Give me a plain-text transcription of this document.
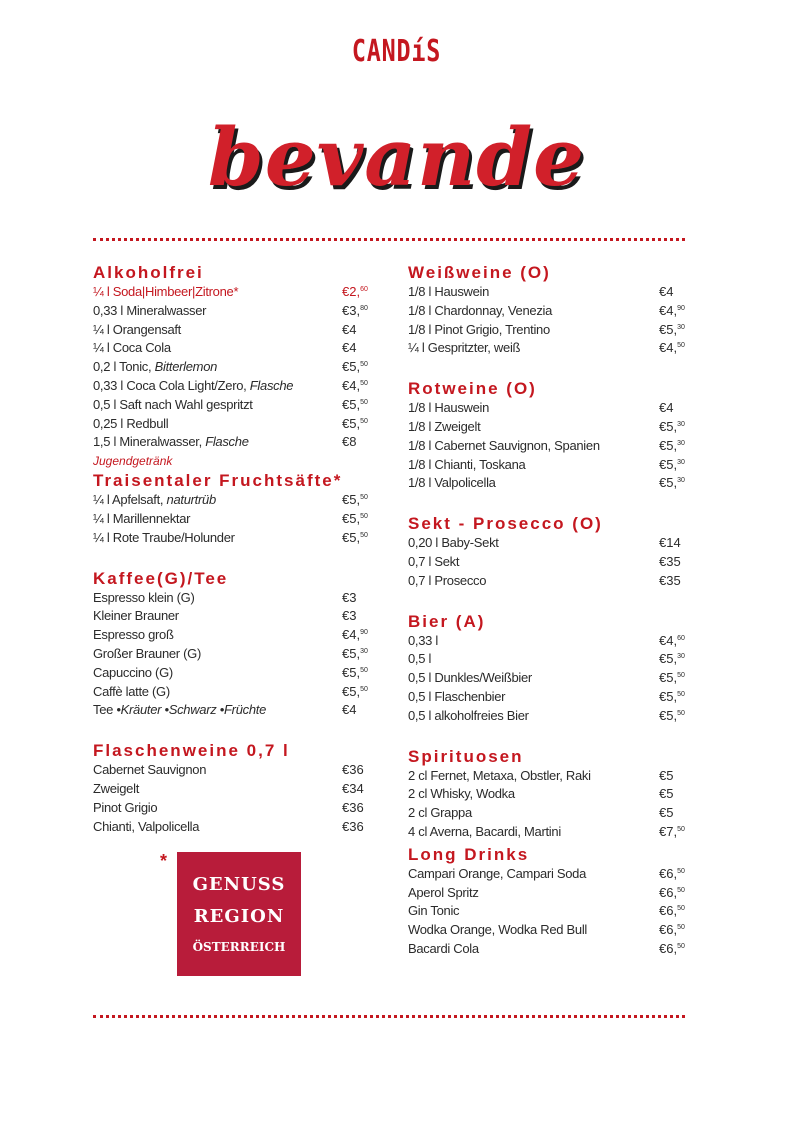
CANDíS
bevande
Alkoholfrei
¼ l Soda|Himbeer|Zitrone*	€2,60
0,33 l Mineralwasser	€3,80
¼ l Orangensaft	€4
¼ l Coca Cola	€4
0,2 l Tonic, Bitterlemon	€5,50
0,33 l Coca Cola Light/Zero, Flasche	€4,50
0,5 l Saft nach Wahl gespritzt	€5,50
0,25 l Redbull	€5,50
1,5 l Mineralwasser, Flasche	€8
Jugendgetränk
Traisentaler Fruchtsäfte*
¼ l Apfelsaft, naturtrüb	€5,50
¼ l Marillennektar	€5,50
¼ l Rote Traube/Holunder	€5,50
Kaffee(G)/Tee
Espresso klein (G)	€3
Kleiner Brauner	€3
Espresso groß	€4,90
Großer Brauner (G)	€5,30
Capuccino (G)	€5,50
Caffè latte (G)	€5,50
Tee •Kräuter •Schwarz •Früchte	€4
Flaschenweine 0,7 l
Cabernet Sauvignon	€36
Zweigelt	€34
Pinot Grigio	€36
Chianti, Valpolicella	€36
*
GENUSS
REGION
ÖSTERREICH
Weißweine (O)
1/8 l Hauswein	€4
1/8 l Chardonnay, Venezia	€4,90
1/8 l Pinot Grigio, Trentino	€5,30
¼ l Gespritzter, weiß	€4,50
Rotweine (O)
1/8 l Hauswein	€4
1/8 l Zweigelt	€5,30
1/8 l Cabernet Sauvignon, Spanien	€5,30
1/8 l Chianti, Toskana	€5,30
1/8 l Valpolicella	€5,30
Sekt - Prosecco (O)
0,20 l Baby-Sekt	€14
0,7 l Sekt	€35
0,7 l Prosecco	€35
Bier (A)
0,33 l	€4,60
0,5 l	€5,30
0,5 l Dunkles/Weißbier	€5,50
0,5 l Flaschenbier	€5,50
0,5 l alkoholfreies Bier	€5,50
Spirituosen
2 cl Fernet, Metaxa, Obstler, Raki	€5
2 cl Whisky, Wodka	€5
2 cl Grappa	€5
4 cl Averna, Bacardi, Martini	€7,50
Long Drinks
Campari Orange, Campari Soda	€6,50
Aperol Spritz	€6,50
Gin Tonic	€6,50
Wodka Orange, Wodka Red Bull	€6,50
Bacardi Cola	€6,50
